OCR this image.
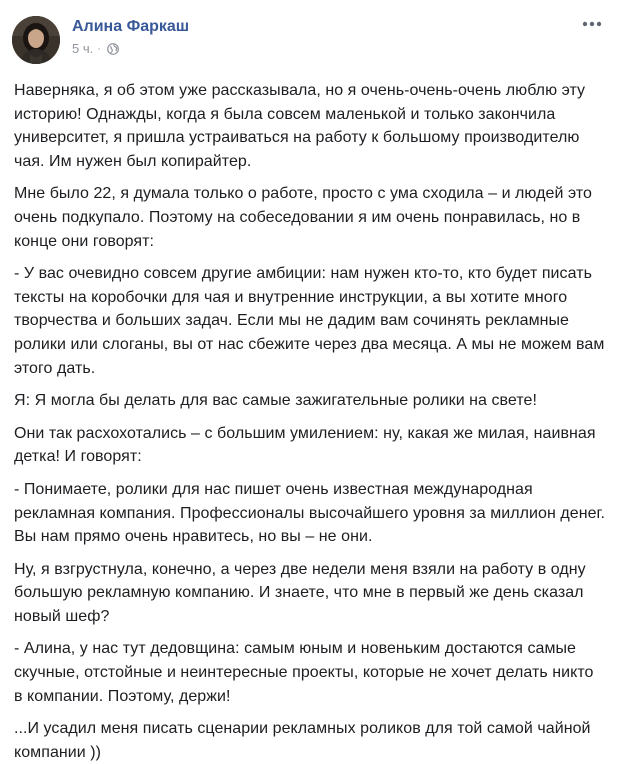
Алина Фаркаш
5 ч. ·

Наверняка, я об этом уже рассказывала, но я очень-очень-очень люблю эту историю! Однажды, когда я была совсем маленькой и только закончила университет, я пришла устраиваться на работу к большому производителю чая. Им нужен был копирайтер.

Мне было 22, я думала только о работе, просто с ума сходила – и людей это очень подкупало. Поэтому на собеседовании я им очень понравилась, но в конце они говорят:

- У вас очевидно совсем другие амбиции: нам нужен кто-то, кто будет писать тексты на коробочки для чая и внутренние инструкции, а вы хотите много творчества и больших задач. Если мы не дадим вам сочинять рекламные ролики или слоганы, вы от нас сбежите через два месяца. А мы не можем вам этого дать.

Я: Я могла бы делать для вас самые зажигательные ролики на свете!

Они так расхохотались – с большим умилением: ну, какая же милая, наивная детка! И говорят:

- Понимаете, ролики для нас пишет очень известная международная рекламная компания. Профессионалы высочайшего уровня за миллион денег. Вы нам прямо очень нравитесь, но вы – не они.

Ну, я взгрустнула, конечно, а через две недели меня взяли на работу в одну большую рекламную компанию. И знаете, что мне в первый же день сказал новый шеф?

- Алина, у нас тут дедовщина: самым юным и новеньким достаются самые скучные, отстойные и неинтересные проекты, которые не хочет делать никто в компании. Поэтому, держи!

...И усадил меня писать сценарии рекламных роликов для той самой чайной компании ))
